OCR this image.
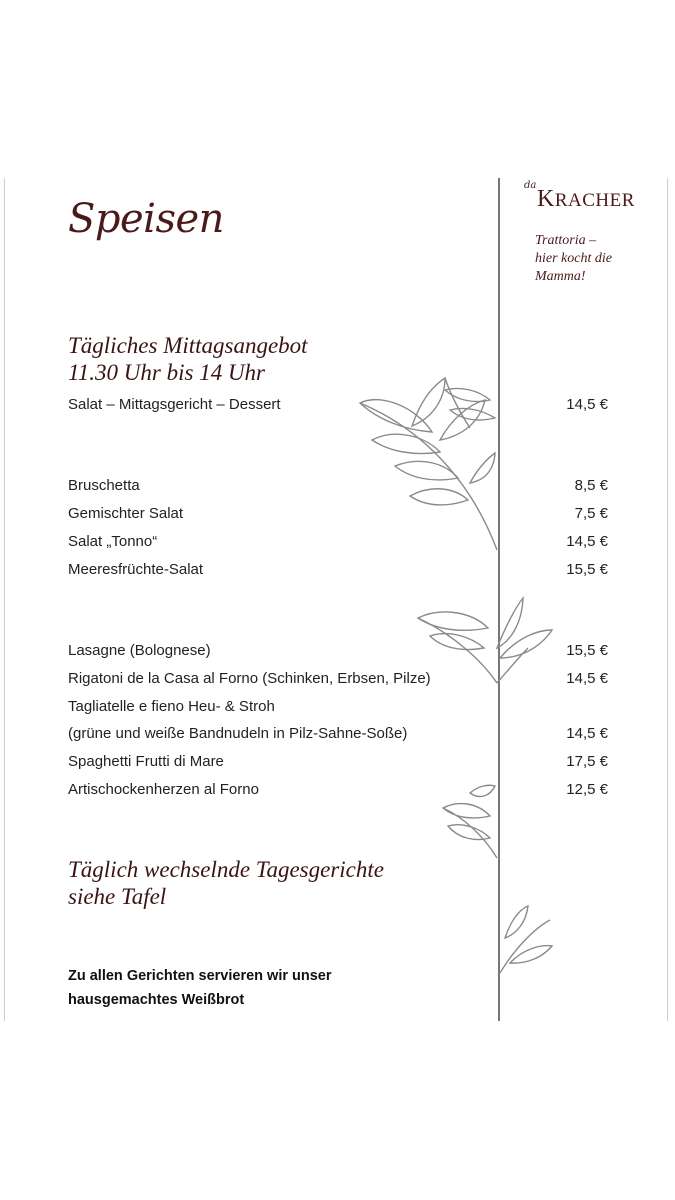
da
KRACHER
Trattoria –
hier kocht die
Mamma!
Speisen
Tägliches Mittagsangebot
11.30 Uhr bis 14 Uhr
Salat – Mittagsgericht – Dessert	14,5 €
Bruschetta	8,5 €
Gemischter Salat	7,5 €
Salat „Tonno“	14,5 €
Meeresfrüchte-Salat	15,5 €
Lasagne (Bolognese)	15,5 €
Rigatoni de la Casa al Forno (Schinken, Erbsen, Pilze)	14,5 €
Tagliatelle e fieno Heu- & Stroh
(grüne und weiße Bandnudeln in Pilz-Sahne-Soße)	14,5 €
Spaghetti Frutti di Mare	17,5 €
Artischockenherzen al Forno	12,5 €
Täglich wechselnde Tagesgerichte
siehe Tafel
Zu allen Gerichten servieren wir unser
hausgemachtes Weißbrot
